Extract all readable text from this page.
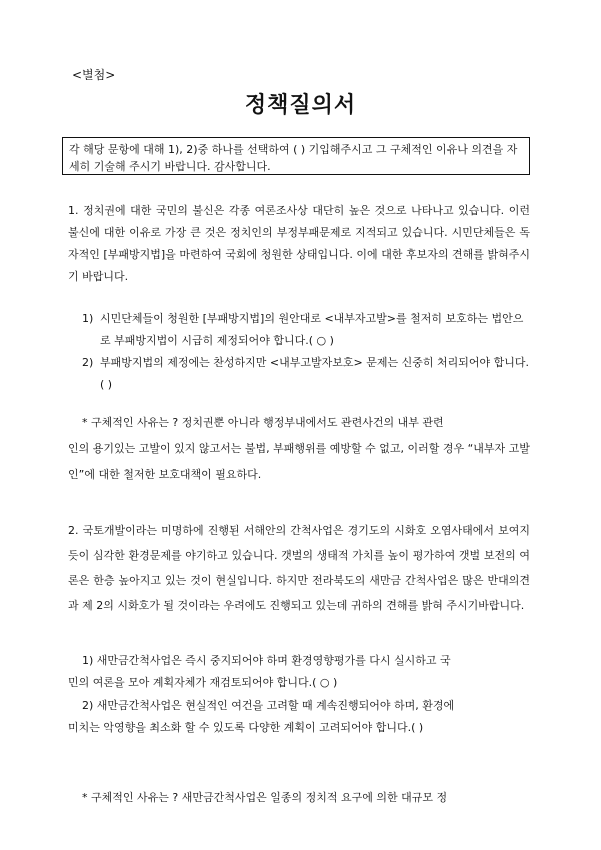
<별첨>
정책질의서
각 해당 문항에 대해 1), 2)중 하나를 선택하여 ( ) 기입해주시고 그 구체적인 이유나 의견을 자세히 기술해 주시기 바랍니다. 감사합니다.
1. 정치권에 대한 국민의 불신은 각종 여론조사상 대단히 높은 것으로 나타나고 있습니다. 이런 불신에 대한 이유로 가장 큰 것은 정치인의 부정부패문제로 지적되고 있습니다. 시민단체들은 독자적인 [부패방지법]을 마련하여 국회에 청원한 상태입니다. 이에 대한 후보자의 견해를 밝혀주시기 바랍니다.
1) 시민단체들이 청원한 [부패방지법]의 원안대로 <내부자고발>를 철저히 보호하는 법안으로 부패방지법이 시급히 제정되어야 합니다.( ○ )
2) 부패방지법의 제정에는 찬성하지만 <내부고발자보호> 문제는 신중히 처리되어야 합니다. ( )
* 구체적인 사유는 ? 정치권뿐 아니라 행정부내에서도 관련사건의 내부 관련
인의 용기있는 고발이 있지 않고서는 불법, 부패행위를 예방할 수 없고, 이러할 경우 “내부자 고발인”에 대한 철저한 보호대책이 필요하다.
2. 국토개발이라는 미명하에 진행된 서해안의 간척사업은 경기도의 시화호 오염사태에서 보여지듯이 심각한 환경문제를 야기하고 있습니다. 갯벌의 생태적 가치를 높이 평가하여 갯벌 보전의 여론은 한층 높아지고 있는 것이 현실입니다. 하지만 전라북도의 새만금 간척사업은 많은 반대의견과 제 2의 시화호가 될 것이라는 우려에도 진행되고 있는데 귀하의 견해를 밝혀 주시기바랍니다.
1) 새만금간척사업은 즉시 중지되어야 하며 환경영향평가를 다시 실시하고 국
민의 여론을 모아 계획자체가 재검토되어야 합니다.( ○ )
2) 새만금간척사업은 현실적인 여건을 고려할 때 계속진행되어야 하며, 환경에
미치는 악영향을 최소화 할 수 있도록 다양한 계획이 고려되어야 합니다.( )
* 구체적인 사유는 ? 새만금간척사업은 일종의 정치적 요구에 의한 대규모 정
